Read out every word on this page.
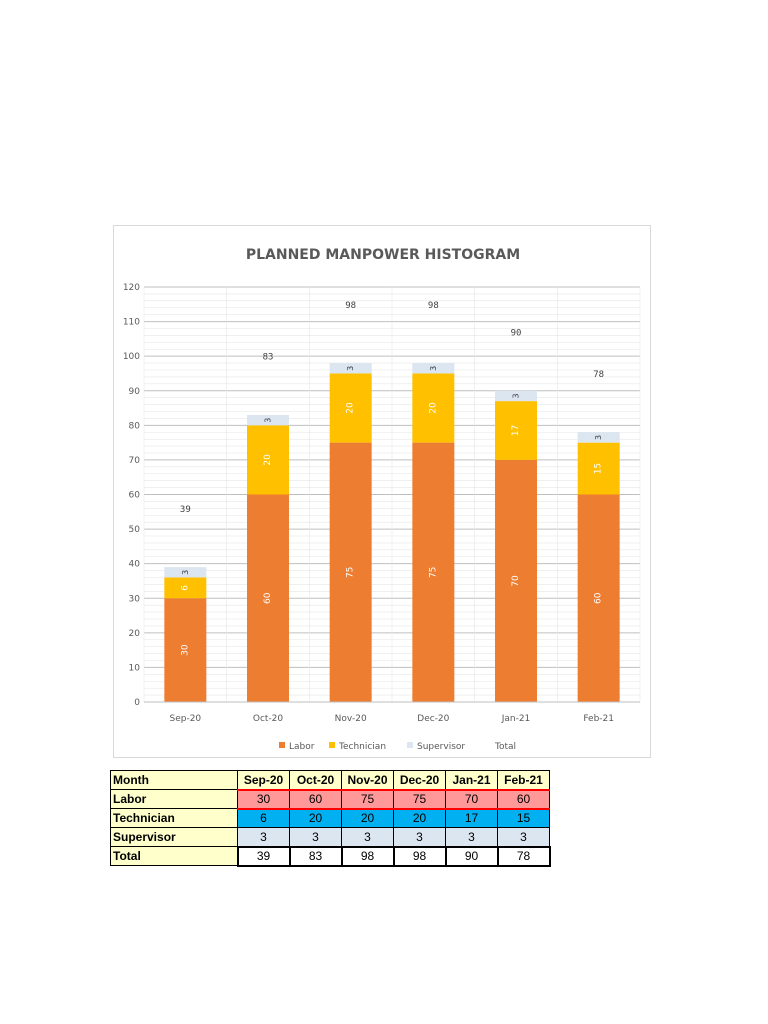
PLANNED MANPOWER HISTOGRAM
0
10
20
30
40
50
60
70
80
90
100
110
120
30
6
3
39
60
20
3
83
75
20
3
98
75
20
3
98
70
17
3
90
60
15
3
78
Sep-20	Oct-20	Nov-20	Dec-20	Jan-21	Feb-21
Labor	Technician	Supervisor	Total
Month	Sep-20	Oct-20	Nov-20	Dec-20	Jan-21	Feb-21
Labor	30	60	75	75	70	60
Technician	6	20	20	20	17	15
Supervisor	3	3	3	3	3	3
Total	39	83	98	98	90	78
